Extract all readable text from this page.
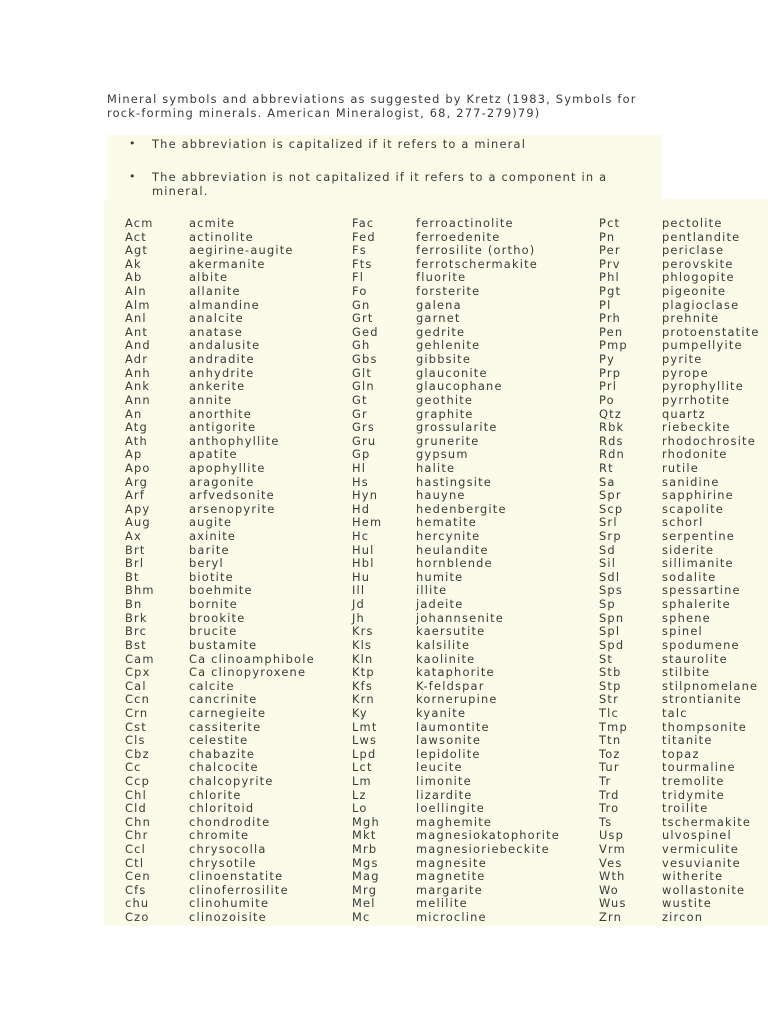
Mineral symbols and abbreviations as suggested by Kretz (1983, Symbols for
rock-forming minerals. American Mineralogist, 68, 277-279)79)
• The abbreviation is capitalized if it refers to a mineral
• The abbreviation is not capitalized if it refers to a component in a
mineral.
Acm	acmite
Act	actinolite
Agt	aegirine-augite
Ak	akermanite
Ab	albite
Aln	allanite
Alm	almandine
Anl	analcite
Ant	anatase
And	andalusite
Adr	andradite
Anh	anhydrite
Ank	ankerite
Ann	annite
An	anorthite
Atg	antigorite
Ath	anthophyllite
Ap	apatite
Apo	apophyllite
Arg	aragonite
Arf	arfvedsonite
Apy	arsenopyrite
Aug	augite
Ax	axinite
Brt	barite
Brl	beryl
Bt	biotite
Bhm	boehmite
Bn	bornite
Brk	brookite
Brc	brucite
Bst	bustamite
Cam	Ca clinoamphibole
Cpx	Ca clinopyroxene
Cal	calcite
Ccn	cancrinite
Crn	carnegieite
Cst	cassiterite
Cls	celestite
Cbz	chabazite
Cc	chalcocite
Ccp	chalcopyrite
Chl	chlorite
Cld	chloritoid
Chn	chondrodite
Chr	chromite
Ccl	chrysocolla
Ctl	chrysotile
Cen	clinoenstatite
Cfs	clinoferrosilite
chu	clinohumite
Czo	clinozoisite
Fac	ferroactinolite
Fed	ferroedenite
Fs	ferrosilite (ortho)
Fts	ferrotschermakite
Fl	fluorite
Fo	forsterite
Gn	galena
Grt	garnet
Ged	gedrite
Gh	gehlenite
Gbs	gibbsite
Glt	glauconite
Gln	glaucophane
Gt	geothite
Gr	graphite
Grs	grossularite
Gru	grunerite
Gp	gypsum
Hl	halite
Hs	hastingsite
Hyn	hauyne
Hd	hedenbergite
Hem	hematite
Hc	hercynite
Hul	heulandite
Hbl	hornblende
Hu	humite
Ill	illite
Jd	jadeite
Jh	johannsenite
Krs	kaersutite
Kls	kalsilite
Kln	kaolinite
Ktp	kataphorite
Kfs	K-feldspar
Krn	kornerupine
Ky	kyanite
Lmt	laumontite
Lws	lawsonite
Lpd	lepidolite
Lct	leucite
Lm	limonite
Lz	lizardite
Lo	loellingite
Mgh	maghemite
Mkt	magnesiokatophorite
Mrb	magnesioriebeckite
Mgs	magnesite
Mag	magnetite
Mrg	margarite
Mel	melilite
Mc	microcline
Pct	pectolite
Pn	pentlandite
Per	periclase
Prv	perovskite
Phl	phlogopite
Pgt	pigeonite
Pl	plagioclase
Prh	prehnite
Pen	protoenstatite
Pmp	pumpellyite
Py	pyrite
Prp	pyrope
Prl	pyrophyllite
Po	pyrrhotite
Qtz	quartz
Rbk	riebeckite
Rds	rhodochrosite
Rdn	rhodonite
Rt	rutile
Sa	sanidine
Spr	sapphirine
Scp	scapolite
Srl	schorl
Srp	serpentine
Sd	siderite
Sil	sillimanite
Sdl	sodalite
Sps	spessartine
Sp	sphalerite
Spn	sphene
Spl	spinel
Spd	spodumene
St	staurolite
Stb	stilbite
Stp	stilpnomelane
Str	strontianite
Tlc	talc
Tmp	thompsonite
Ttn	titanite
Toz	topaz
Tur	tourmaline
Tr	tremolite
Trd	tridymite
Tro	troilite
Ts	tschermakite
Usp	ulvospinel
Vrm	vermiculite
Ves	vesuvianite
Wth	witherite
Wo	wollastonite
Wus	wustite
Zrn	zircon
